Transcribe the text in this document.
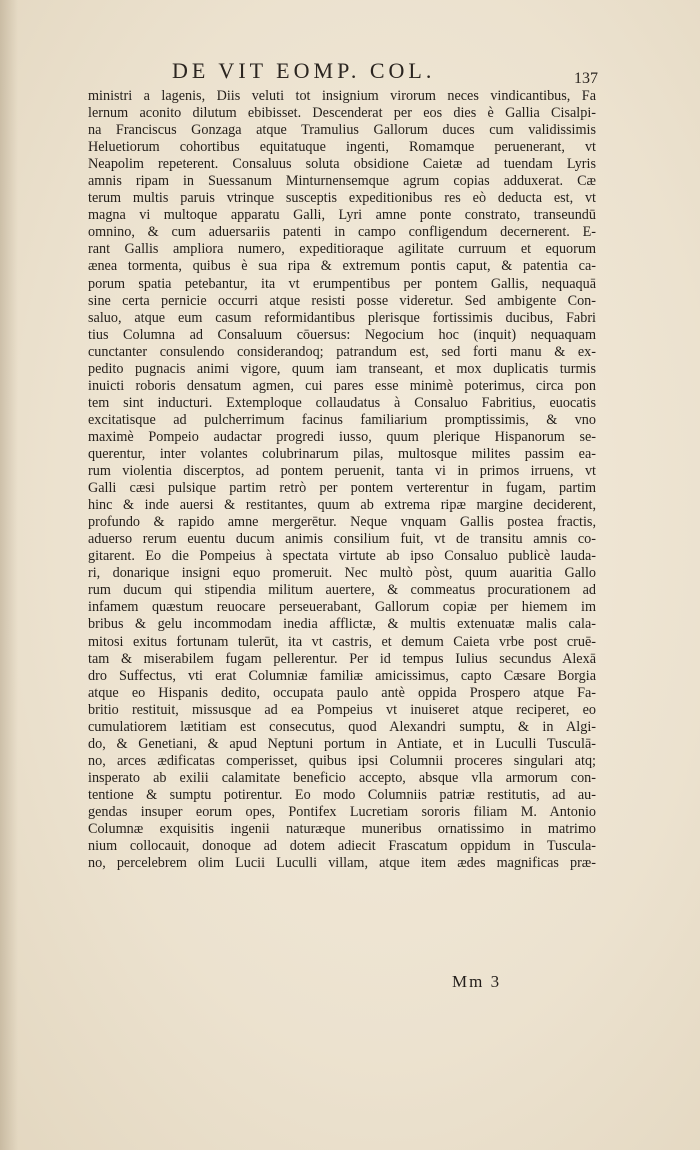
DE VIT EOMP. COL.	137
ministri a lagenis, Diis veluti tot insignium virorum neces vindicantibus, Fa
lernum aconito dilutum ebibisset. Descenderat per eos dies è Gallia Cisalpi-
na Franciscus Gonzaga atque Tramulius Gallorum duces cum validissimis
Heluetiorum cohortibus equitatuque ingenti, Romamque peruenerant, vt
Neapolim repeterent. Consaluus soluta obsidione Caietæ ad tuendam Lyris
amnis ripam in Suessanum Minturnensemque agrum copias adduxerat. Cæ
terum multis paruis vtrinque susceptis expeditionibus res eò deducta est, vt
magna vi multoque apparatu Galli, Lyri amne ponte constrato, transeundū
omnino, & cum aduersariis patenti in campo confligendum decernerent. E-
rant Gallis ampliora numero, expeditioraque agilitate curruum et equorum
ænea tormenta, quibus è sua ripa & extremum pontis caput, & patentia ca-
porum spatia petebantur, ita vt erumpentibus per pontem Gallis, nequaquā
sine certa pernicie occurri atque resisti posse videretur. Sed ambigente Con-
saluo, atque eum casum reformidantibus plerisque fortissimis ducibus, Fabri
tius Columna ad Consaluum cōuersus: Negocium hoc (inquit) nequaquam
cunctanter consulendo considerandoq; patrandum est, sed forti manu & ex-
pedito pugnacis animi vigore, quum iam transeant, et mox duplicatis turmis
inuicti roboris densatum agmen, cui pares esse minimè poterimus, circa pon
tem sint inducturi. Extemploque collaudatus à Consaluo Fabritius, euocatis
excitatisque ad pulcherrimum facinus familiarium promptissimis, & vno
maximè Pompeio audactar progredi iusso, quum plerique Hispanorum se-
querentur, inter volantes colubrinarum pilas, multosque milites passim ea-
rum violentia discerptos, ad pontem peruenit, tanta vi in primos irruens, vt
Galli cæsi pulsique partim retrò per pontem verterentur in fugam, partim
hinc & inde auersi & restitantes, quum ab extrema ripæ margine deciderent,
profundo & rapido amne mergerētur. Neque vnquam Gallis postea fractis,
aduerso rerum euentu ducum animis consilium fuit, vt de transitu amnis co-
gitarent. Eo die Pompeius à spectata virtute ab ipso Consaluo publicè lauda-
ri, donarique insigni equo promeruit. Nec multò pòst, quum auaritia Gallo
rum ducum qui stipendia militum auertere, & commeatus procurationem ad
infamem quæstum reuocare perseuerabant, Gallorum copiæ per hiemem im
bribus & gelu incommodam inedia afflictæ, & multis extenuatæ malis cala-
mitosi exitus fortunam tulerūt, ita vt castris, et demum Caieta vrbe post cruē-
tam & miserabilem fugam pellerentur. Per id tempus Iulius secundus Alexā
dro Suffectus, vti erat Columniæ familiæ amicissimus, capto Cæsare Borgia
atque eo Hispanis dedito, occupata paulo antè oppida Prospero atque Fa-
britio restituit, missusque ad ea Pompeius vt inuiseret atque reciperet, eo
cumulatiorem lætitiam est consecutus, quod Alexandri sumptu, & in Algi-
do, & Genetiani, & apud Neptuni portum in Antiate, et in Luculli Tusculā-
no, arces ædificatas comperisset, quibus ipsi Columnii proceres singulari atq;
insperato ab exilii calamitate beneficio accepto, absque vlla armorum con-
tentione & sumptu potirentur. Eo modo Columniis patriæ restitutis, ad au-
gendas insuper eorum opes, Pontifex Lucretiam sororis filiam M. Antonio
Columnæ exquisitis ingenii naturæque muneribus ornatissimo in matrimo
nium collocauit, donoque ad dotem adiecit Frascatum oppidum in Tuscula-
no, percelebrem olim Lucii Luculli villam, atque item ædes magnificas præ-
Mm 3
